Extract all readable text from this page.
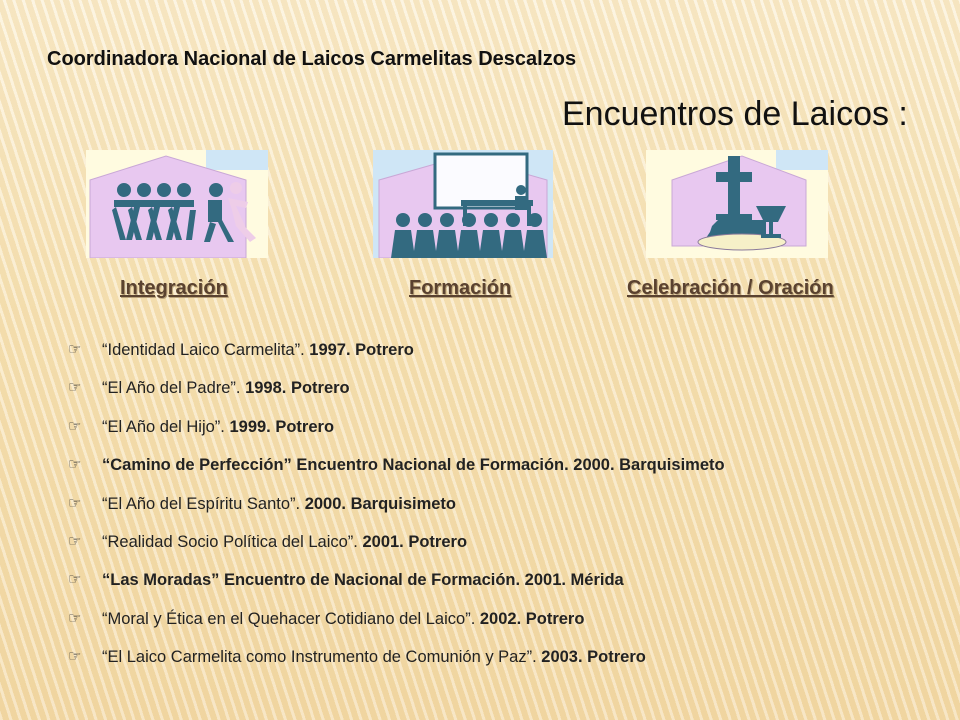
Coordinadora Nacional de Laicos Carmelitas Descalzos
Encuentros de Laicos :
Integración	Formación	Celebración / Oración
☞	“Identidad Laico Carmelita”. 1997. Potrero
☞	“El Año del Padre”. 1998. Potrero
☞	“El Año del Hijo”. 1999. Potrero
☞	“Camino de Perfección” Encuentro Nacional de Formación. 2000. Barquisimeto
☞	“El Año del Espíritu Santo”. 2000. Barquisimeto
☞	“Realidad Socio Política del Laico”. 2001. Potrero
☞	“Las Moradas” Encuentro de Nacional de Formación. 2001. Mérida
☞	“Moral y Ética en el Quehacer Cotidiano del Laico”. 2002. Potrero
☞	“El Laico Carmelita como Instrumento de Comunión y Paz”. 2003. Potrero
